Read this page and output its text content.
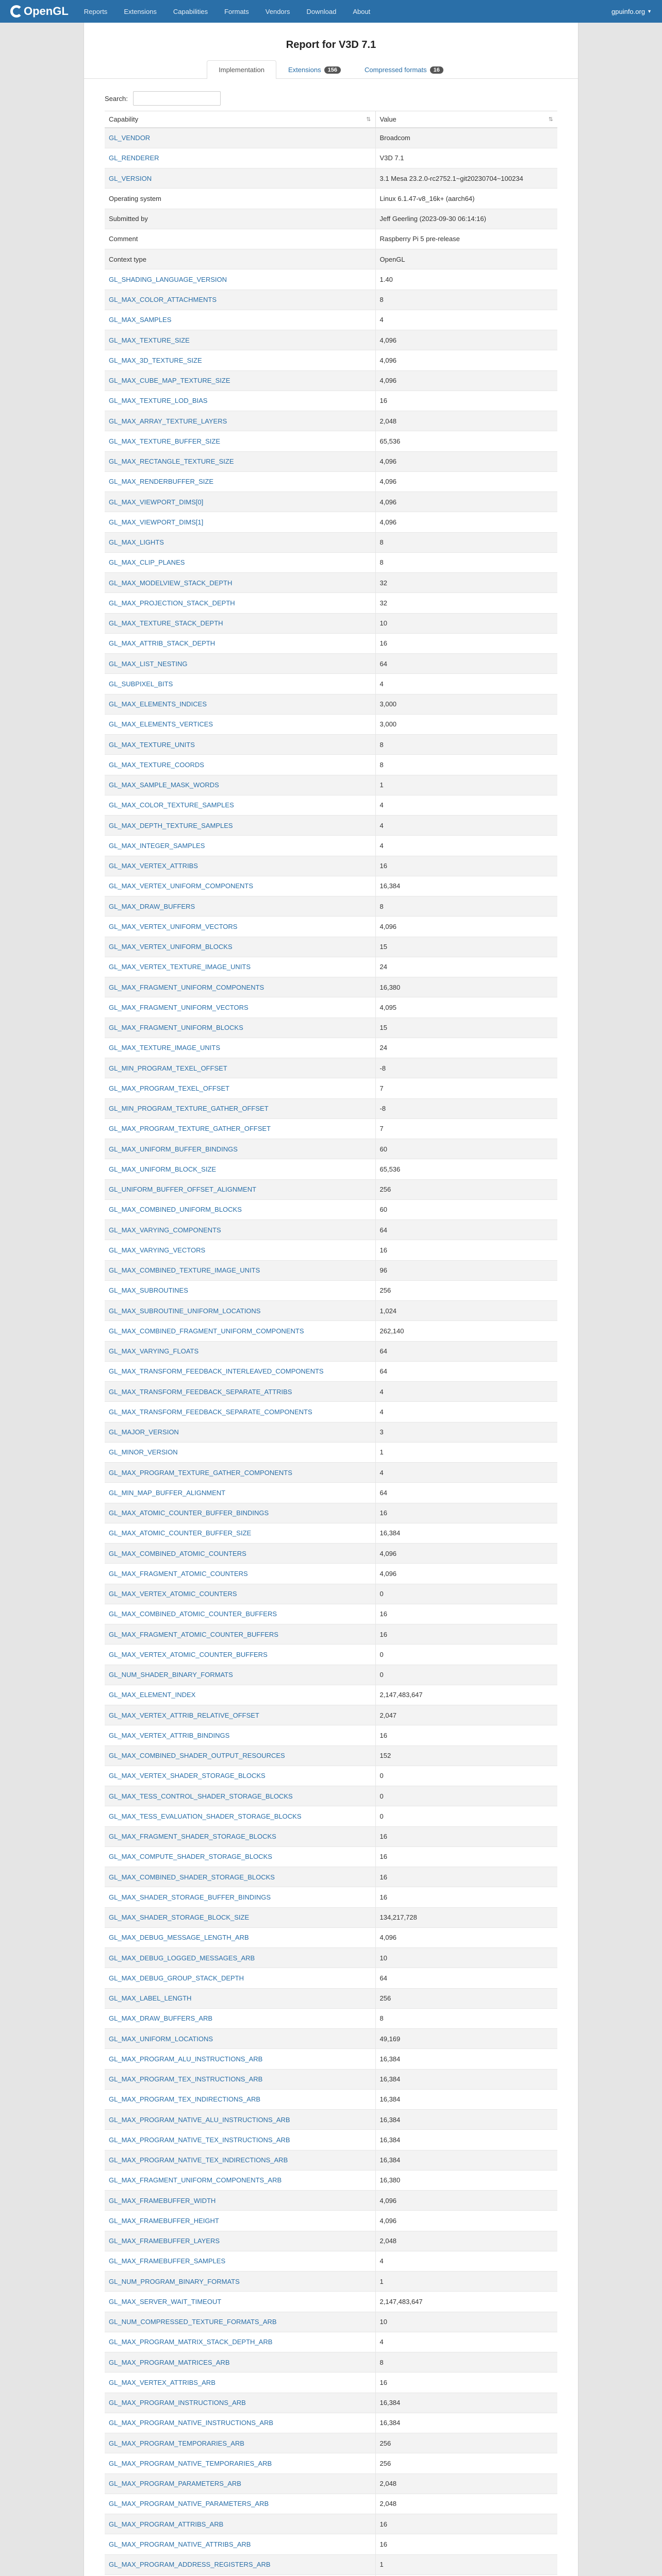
OpenGL Reports Extensions Capabilities Formats Vendors Download About	gpuinfo.org ▼
Report for V3D 7.1
Implementation	Extensions	156	Compressed formats	16
Search:
Capability ⇅	Value ⇅

GL_VENDOR	Broadcom
GL_RENDERER	V3D 7.1
GL_VERSION	3.1 Mesa 23.2.0-rc2752.1~git20230704~100234
Operating system	Linux 6.1.47-v8_16k+ (aarch64)
Submitted by	Jeff Geerling (2023-09-30 06:14:16)
Comment	Raspberry Pi 5 pre-release
Context type	OpenGL
GL_SHADING_LANGUAGE_VERSION	1.40
GL_MAX_COLOR_ATTACHMENTS	8
GL_MAX_SAMPLES	4
GL_MAX_TEXTURE_SIZE	4,096
GL_MAX_3D_TEXTURE_SIZE	4,096
GL_MAX_CUBE_MAP_TEXTURE_SIZE	4,096
GL_MAX_TEXTURE_LOD_BIAS	16
GL_MAX_ARRAY_TEXTURE_LAYERS	2,048
GL_MAX_TEXTURE_BUFFER_SIZE	65,536
GL_MAX_RECTANGLE_TEXTURE_SIZE	4,096
GL_MAX_RENDERBUFFER_SIZE	4,096
GL_MAX_VIEWPORT_DIMS[0]	4,096
GL_MAX_VIEWPORT_DIMS[1]	4,096
GL_MAX_LIGHTS	8
GL_MAX_CLIP_PLANES	8
GL_MAX_MODELVIEW_STACK_DEPTH	32
GL_MAX_PROJECTION_STACK_DEPTH	32
GL_MAX_TEXTURE_STACK_DEPTH	10
GL_MAX_ATTRIB_STACK_DEPTH	16
GL_MAX_LIST_NESTING	64
GL_SUBPIXEL_BITS	4
GL_MAX_ELEMENTS_INDICES	3,000
GL_MAX_ELEMENTS_VERTICES	3,000
GL_MAX_TEXTURE_UNITS	8
GL_MAX_TEXTURE_COORDS	8
GL_MAX_SAMPLE_MASK_WORDS	1
GL_MAX_COLOR_TEXTURE_SAMPLES	4
GL_MAX_DEPTH_TEXTURE_SAMPLES	4
GL_MAX_INTEGER_SAMPLES	4
GL_MAX_VERTEX_ATTRIBS	16
GL_MAX_VERTEX_UNIFORM_COMPONENTS	16,384
GL_MAX_DRAW_BUFFERS	8
GL_MAX_VERTEX_UNIFORM_VECTORS	4,096
GL_MAX_VERTEX_UNIFORM_BLOCKS	15
GL_MAX_VERTEX_TEXTURE_IMAGE_UNITS	24
GL_MAX_FRAGMENT_UNIFORM_COMPONENTS	16,380
GL_MAX_FRAGMENT_UNIFORM_VECTORS	4,095
GL_MAX_FRAGMENT_UNIFORM_BLOCKS	15
GL_MAX_TEXTURE_IMAGE_UNITS	24
GL_MIN_PROGRAM_TEXEL_OFFSET	-8
GL_MAX_PROGRAM_TEXEL_OFFSET	7
GL_MIN_PROGRAM_TEXTURE_GATHER_OFFSET	-8
GL_MAX_PROGRAM_TEXTURE_GATHER_OFFSET	7
GL_MAX_UNIFORM_BUFFER_BINDINGS	60
GL_MAX_UNIFORM_BLOCK_SIZE	65,536
GL_UNIFORM_BUFFER_OFFSET_ALIGNMENT	256
GL_MAX_COMBINED_UNIFORM_BLOCKS	60
GL_MAX_VARYING_COMPONENTS	64
GL_MAX_VARYING_VECTORS	16
GL_MAX_COMBINED_TEXTURE_IMAGE_UNITS	96
GL_MAX_SUBROUTINES	256
GL_MAX_SUBROUTINE_UNIFORM_LOCATIONS	1,024
GL_MAX_COMBINED_FRAGMENT_UNIFORM_COMPONENTS	262,140
GL_MAX_VARYING_FLOATS	64
GL_MAX_TRANSFORM_FEEDBACK_INTERLEAVED_COMPONENTS	64
GL_MAX_TRANSFORM_FEEDBACK_SEPARATE_ATTRIBS	4
GL_MAX_TRANSFORM_FEEDBACK_SEPARATE_COMPONENTS	4
GL_MAJOR_VERSION	3
GL_MINOR_VERSION	1
GL_MAX_PROGRAM_TEXTURE_GATHER_COMPONENTS	4
GL_MIN_MAP_BUFFER_ALIGNMENT	64
GL_MAX_ATOMIC_COUNTER_BUFFER_BINDINGS	16
GL_MAX_ATOMIC_COUNTER_BUFFER_SIZE	16,384
GL_MAX_COMBINED_ATOMIC_COUNTERS	4,096
GL_MAX_FRAGMENT_ATOMIC_COUNTERS	4,096
GL_MAX_VERTEX_ATOMIC_COUNTERS	0
GL_MAX_COMBINED_ATOMIC_COUNTER_BUFFERS	16
GL_MAX_FRAGMENT_ATOMIC_COUNTER_BUFFERS	16
GL_MAX_VERTEX_ATOMIC_COUNTER_BUFFERS	0
GL_NUM_SHADER_BINARY_FORMATS	0
GL_MAX_ELEMENT_INDEX	2,147,483,647
GL_MAX_VERTEX_ATTRIB_RELATIVE_OFFSET	2,047
GL_MAX_VERTEX_ATTRIB_BINDINGS	16
GL_MAX_COMBINED_SHADER_OUTPUT_RESOURCES	152
GL_MAX_VERTEX_SHADER_STORAGE_BLOCKS	0
GL_MAX_TESS_CONTROL_SHADER_STORAGE_BLOCKS	0
GL_MAX_TESS_EVALUATION_SHADER_STORAGE_BLOCKS	0
GL_MAX_FRAGMENT_SHADER_STORAGE_BLOCKS	16
GL_MAX_COMPUTE_SHADER_STORAGE_BLOCKS	16
GL_MAX_COMBINED_SHADER_STORAGE_BLOCKS	16
GL_MAX_SHADER_STORAGE_BUFFER_BINDINGS	16
GL_MAX_SHADER_STORAGE_BLOCK_SIZE	134,217,728
GL_MAX_DEBUG_MESSAGE_LENGTH_ARB	4,096
GL_MAX_DEBUG_LOGGED_MESSAGES_ARB	10
GL_MAX_DEBUG_GROUP_STACK_DEPTH	64
GL_MAX_LABEL_LENGTH	256
GL_MAX_DRAW_BUFFERS_ARB	8
GL_MAX_UNIFORM_LOCATIONS	49,169
GL_MAX_PROGRAM_ALU_INSTRUCTIONS_ARB	16,384
GL_MAX_PROGRAM_TEX_INSTRUCTIONS_ARB	16,384
GL_MAX_PROGRAM_TEX_INDIRECTIONS_ARB	16,384
GL_MAX_PROGRAM_NATIVE_ALU_INSTRUCTIONS_ARB	16,384
GL_MAX_PROGRAM_NATIVE_TEX_INSTRUCTIONS_ARB	16,384
GL_MAX_PROGRAM_NATIVE_TEX_INDIRECTIONS_ARB	16,384
GL_MAX_FRAGMENT_UNIFORM_COMPONENTS_ARB	16,380
GL_MAX_FRAMEBUFFER_WIDTH	4,096
GL_MAX_FRAMEBUFFER_HEIGHT	4,096
GL_MAX_FRAMEBUFFER_LAYERS	2,048
GL_MAX_FRAMEBUFFER_SAMPLES	4
GL_NUM_PROGRAM_BINARY_FORMATS	1
GL_MAX_SERVER_WAIT_TIMEOUT	2,147,483,647
GL_NUM_COMPRESSED_TEXTURE_FORMATS_ARB	10
GL_MAX_PROGRAM_MATRIX_STACK_DEPTH_ARB	4
GL_MAX_PROGRAM_MATRICES_ARB	8
GL_MAX_VERTEX_ATTRIBS_ARB	16
GL_MAX_PROGRAM_INSTRUCTIONS_ARB	16,384
GL_MAX_PROGRAM_NATIVE_INSTRUCTIONS_ARB	16,384
GL_MAX_PROGRAM_TEMPORARIES_ARB	256
GL_MAX_PROGRAM_NATIVE_TEMPORARIES_ARB	256
GL_MAX_PROGRAM_PARAMETERS_ARB	2,048
GL_MAX_PROGRAM_NATIVE_PARAMETERS_ARB	2,048
GL_MAX_PROGRAM_ATTRIBS_ARB	16
GL_MAX_PROGRAM_NATIVE_ATTRIBS_ARB	16
GL_MAX_PROGRAM_ADDRESS_REGISTERS_ARB	1
